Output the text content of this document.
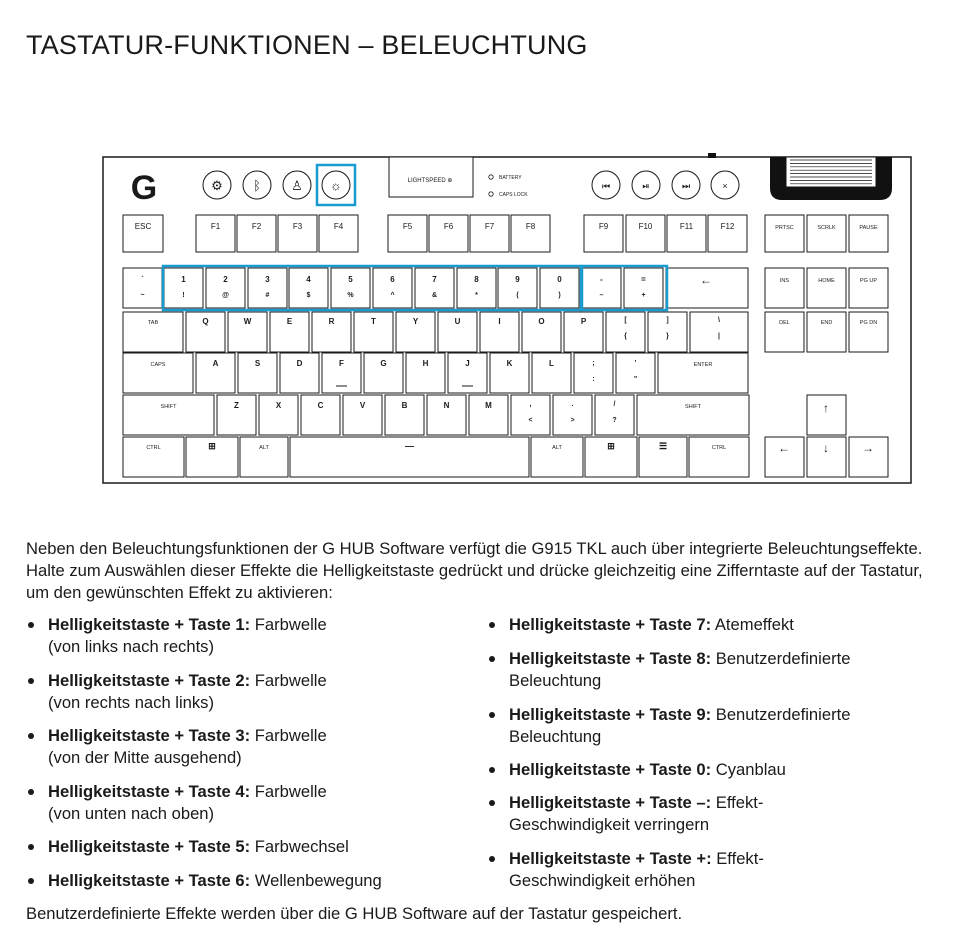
TASTATUR-FUNKTIONEN – BELEUCHTUNG
G	⚙ ᛒ ♙ ☼	LIGHTSPEED ⊕	BATTERY
CAPS LOCK
⏮	⏯	⏭	×
ESC	F1	F2	F3	F4	F5	F6	F7	F8	F9	F10	F11	F12	PRTSC	SCRLK	PAUSE
`
~
1
!
2
@
3
#
4
$
5
%
6
^
7
&
8
*
9
(
0
)
-
–
=
+
←	INS	HOME	PG UP
TAB	Q	W	E	R	T	Y	U	I	O	P	[
{
]
}
\
|
DEL	END	PG DN
CAPS	A	S	D	F	G	H	J	K	L	;
:
'
"
ENTER
SHIFT	Z	X	C	V	B	N	M	,
<
.
>
/
?
SHIFT
CTRL	⊞	ALT	—	ALT	⊞	☰	CTRL
↑
←	↓	→

Neben den Beleuchtungsfunktionen der G HUB Software verfügt die G915 TKL auch über integrierte Beleuchtungseffekte. Halte zum Auswählen dieser Effekte die Helligkeitstaste gedrückt und drücke gleichzeitig eine Zifferntaste auf der Tastatur, um den gewünschten Effekt zu aktivieren:

Helligkeitstaste + Taste 1: Farbwelle
(von links nach rechts)
Helligkeitstaste + Taste 2: Farbwelle
(von rechts nach links)
Helligkeitstaste + Taste 3: Farbwelle
(von der Mitte ausgehend)
Helligkeitstaste + Taste 4: Farbwelle
(von unten nach oben)
Helligkeitstaste + Taste 5: Farbwechsel
Helligkeitstaste + Taste 6: Wellenbewegung
Helligkeitstaste + Taste 7: Atemeffekt
Helligkeitstaste + Taste 8: Benutzerdefinierte
Beleuchtung
Helligkeitstaste + Taste 9: Benutzerdefinierte
Beleuchtung
Helligkeitstaste + Taste 0: Cyanblau
Helligkeitstaste + Taste –: Effekt-
Geschwindigkeit verringern
Helligkeitstaste + Taste +: Effekt-
Geschwindigkeit erhöhen

Benutzerdefinierte Effekte werden über die G HUB Software auf der Tastatur gespeichert.
